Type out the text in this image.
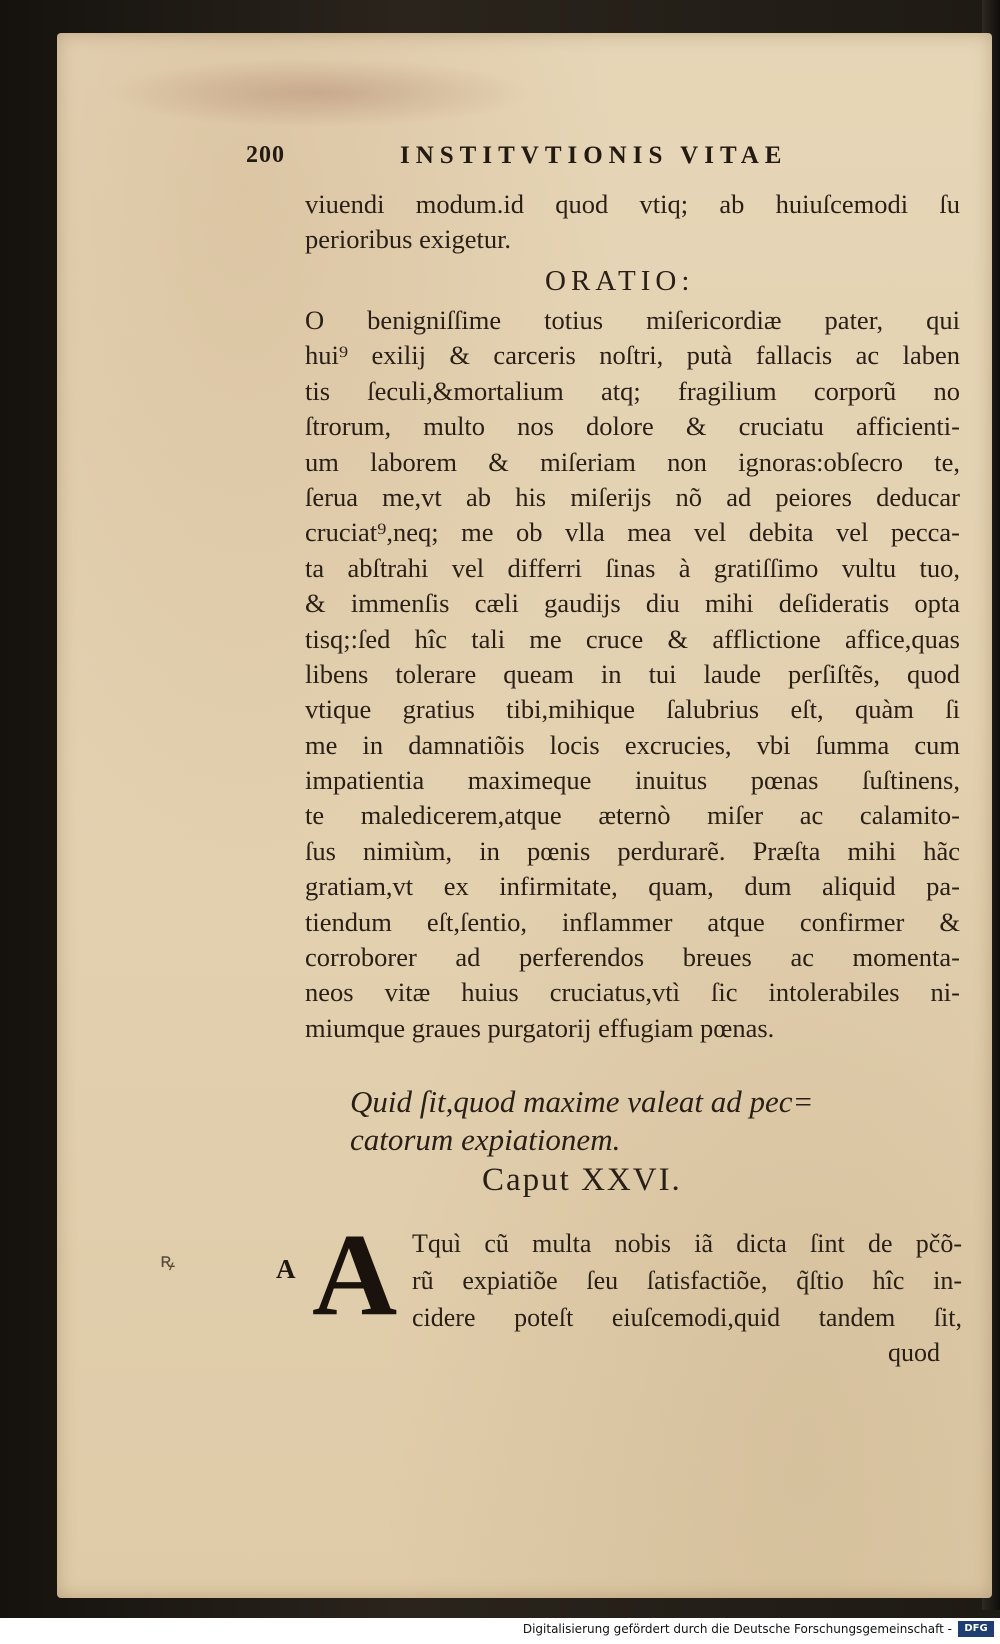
200	INSTITVTIONIS VITAE
viuendi modum.id quod vtiq; ab huiuſcemodi ſu
perioribus exigetur.
ORATIO:
O benigniſſime totius miſericordiæ pater, qui
hui⁹ exilij & carceris noſtri, putà fallacis ac laben
tis ſeculi,&mortalium atq; fragilium corporũ no
ſtrorum, multo nos dolore & cruciatu afficienti-
um laborem & miſeriam non ignoras:obſecro te,
ſerua me,vt ab his miſerijs nõ ad peiores deducar
cruciat⁹,neq; me ob vlla mea vel debita vel pecca-
ta abſtrahi vel differri ſinas à gratiſſimo vultu tuo,
& immenſis cæli gaudijs diu mihi deſideratis opta
tisq;:ſed hîc tali me cruce & afflictione affice,quas
libens tolerare queam in tui laude perſiſtẽs, quod
vtique gratius tibi,mihique ſalubrius eſt, quàm ſi
me in damnatiõis locis excrucies, vbi ſumma cum
impatientia maximeque inuitus pœnas ſuſtinens,
te maledicerem,atque æternò miſer ac calamito-
ſus nimiùm, in pœnis perdurarẽ. Præſta mihi hãc
gratiam,vt ex infirmitate, quam, dum aliquid pa-
tiendum eſt,ſentio, inflammer atque confirmer &
corroborer ad perferendos breues ac momenta-
neos vitæ huius cruciatus,vtì ſic intolerabiles ni-
miumque graues purgatorij effugiam pœnas.
Quid ſit,quod maxime valeat ad pec=
catorum expiationem.
Caput XXVI.
ꝶ	A A Tquì cũ multa nobis iã dicta ſint de pčõ-
rũ expiatiõe ſeu ſatisfactiõe, q̃ſtio hîc in-
cidere poteſt eiuſcemodi,quid tandem ſit,
quod
Digitalisierung gefördert durch die Deutsche Forschungsgemeinschaft -	DFG
